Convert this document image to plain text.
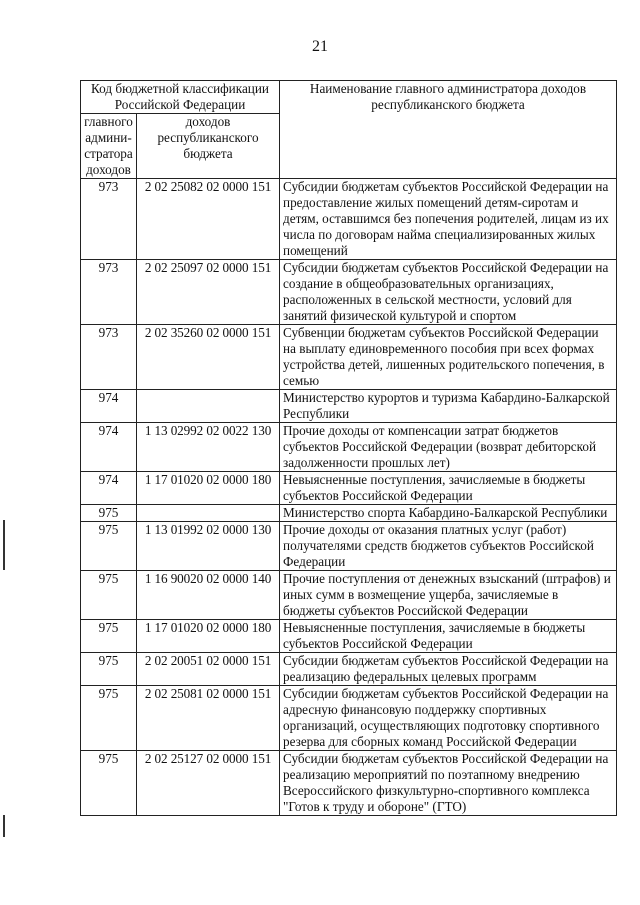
21
Код бюджетной классификации Российской Федерации		Наименование главного администратора доходов республиканского бюджета
главного админи-стратора доходов	доходов республиканского бюджета	
973	2 02 25082 02 0000 151	Субсидии бюджетам субъектов Российской Федерации на предоставление жилых помещений детям-сиротам и детям, оставшимся без попечения родителей, лицам из их числа по договорам найма специализированных жилых помещений
973	2 02 25097 02 0000 151	Субсидии бюджетам субъектов Российской Федерации на создание в общеобразовательных организациях, расположенных в сельской местности, условий для занятий физической культурой и спортом
973	2 02 35260 02 0000 151	Субвенции бюджетам субъектов Российской Федерации на выплату единовременного пособия при всех формах устройства детей, лишенных родительского попечения, в семью
974		Министерство курортов и туризма Кабардино-Балкарской Республики
974	1 13 02992 02 0022 130	Прочие доходы от компенсации затрат бюджетов субъектов Российской Федерации (возврат дебиторской задолженности прошлых лет)
974	1 17 01020 02 0000 180	Невыясненные поступления, зачисляемые в бюджеты субъектов Российской Федерации
975		Министерство спорта Кабардино-Балкарской Республики
975	1 13 01992 02 0000 130	Прочие доходы от оказания платных услуг (работ) получателями средств бюджетов субъектов Российской Федерации
975	1 16 90020 02 0000 140	Прочие поступления от денежных взысканий (штрафов) и иных сумм в возмещение ущерба, зачисляемые в бюджеты субъектов Российской Федерации
975	1 17 01020 02 0000 180	Невыясненные поступления, зачисляемые в бюджеты субъектов Российской Федерации
975	2 02 20051 02 0000 151	Субсидии бюджетам субъектов Российской Федерации на реализацию федеральных целевых программ
975	2 02 25081 02 0000 151	Субсидии бюджетам субъектов Российской Федерации на адресную финансовую поддержку спортивных организаций, осуществляющих подготовку спортивного резерва для сборных команд Российской Федерации
975	2 02 25127 02 0000 151	Субсидии бюджетам субъектов Российской Федерации на реализацию мероприятий по поэтапному внедрению Всероссийского физкультурно-спортивного комплекса "Готов к труду и обороне" (ГТО)
